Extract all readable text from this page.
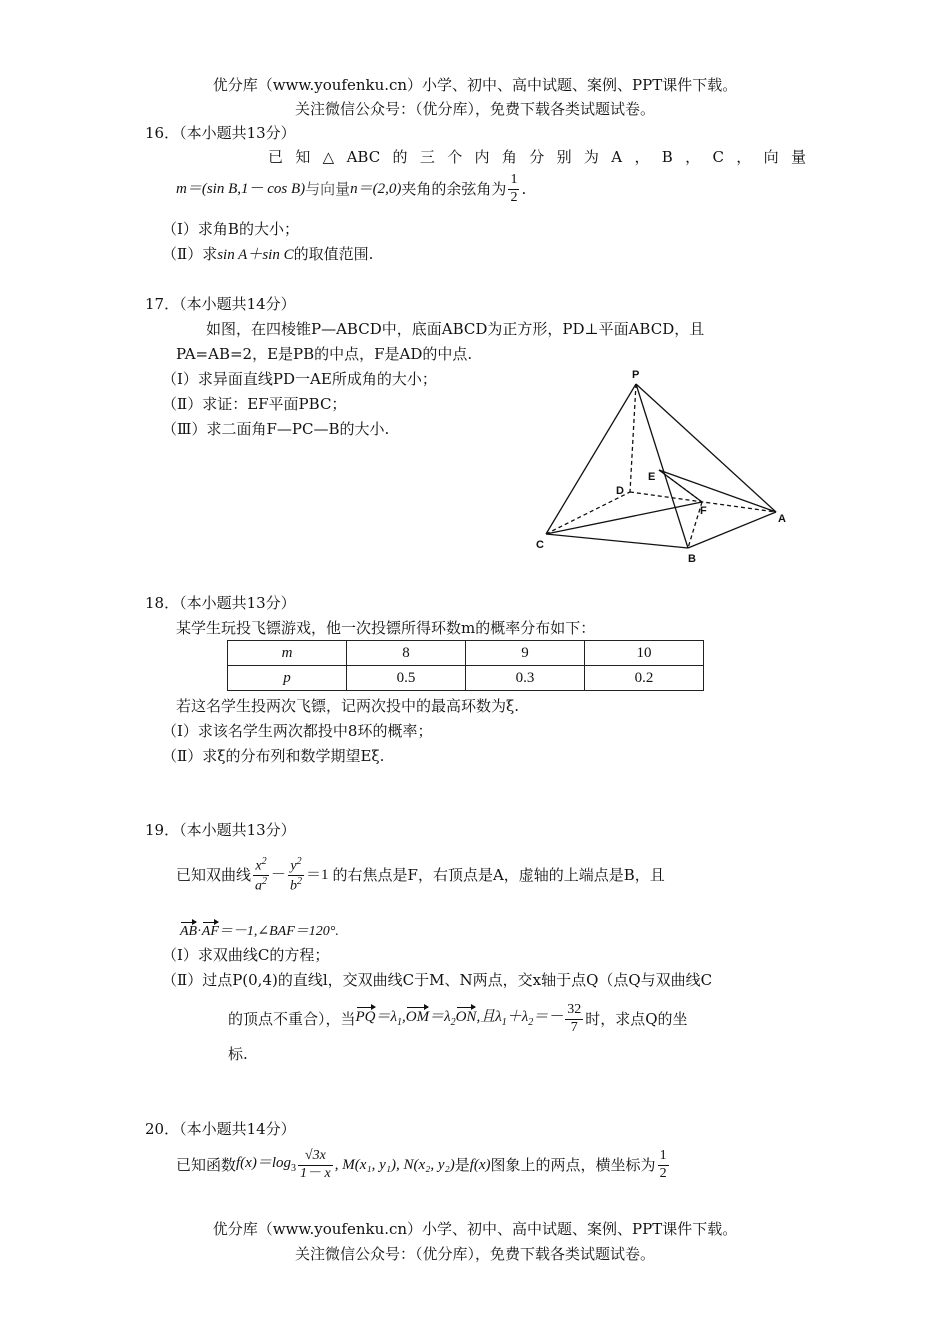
优分库（www.youfenku.cn）小学、初中、高中试题、案例、PPT课件下载。
关注微信公众号：（优分库），免费下载各类试题试卷。
16．（本小题共13分）
已知△ABC的三个内角分别为A，B，C，向量
m＝(sin B,1－ cos B)与向量n＝(2,0)夹角的余弦角为 $\frac{1}{2}$ .
（Ⅰ）求角B的大小；
（Ⅱ）求sin A＋sin C的取值范围.
17．（本小题共14分）
如图，在四棱锥P—ABCD中，底面ABCD为正方形，PD⊥平面ABCD，且
PA=AB=2，E是PB的中点，F是AD的中点.
（Ⅰ）求异面直线PD一AE所成角的大小；
（Ⅱ）求证：EF平面PBC；
（Ⅲ）求二面角F—PC—B的大小.
P
E
D
F
A
C
B
18．（本小题共13分）
某学生玩投飞镖游戏，他一次投镖所得环数m的概率分布如下：
m	8	9	10
p	0.5	0.3	0.2
若这名学生投两次飞镖，记两次投中的最高环数为ξ.
（Ⅰ）求该名学生两次都投中8环的概率；
（Ⅱ）求ξ的分布列和数学期望Eξ.
19．（本小题共13分）
已知双曲线 $\frac{x^2}{a^2} - \frac{y^2}{b^2} =1$ 的右焦点是F，右顶点是A，虚轴的上端点是B，且
AB·AF＝－1,∠BAF＝120°.
（Ⅰ）求双曲线C的方程；
（Ⅱ）过点P(0,4)的直线l，交双曲线C于M、N两点，交x轴于点Q（点Q与双曲线C
的顶点不重合），当$PQ=\lambda_1,OM=\lambda_2ON$,且$\lambda_1+\lambda_2=- \frac{32}{7}$ 时，求点Q的坐
标.
20．（本小题共14分）
已知函数$f(x)=\log_3 \frac{√3x}{1- x}$ , M(x₁, y₁), N(x₂, y₂)是f(x)图象上的两点，横坐标为 $\frac{1}{2}$
优分库（www.youfenku.cn）小学、初中、高中试题、案例、PPT课件下载。
关注微信公众号：（优分库），免费下载各类试题试卷。
